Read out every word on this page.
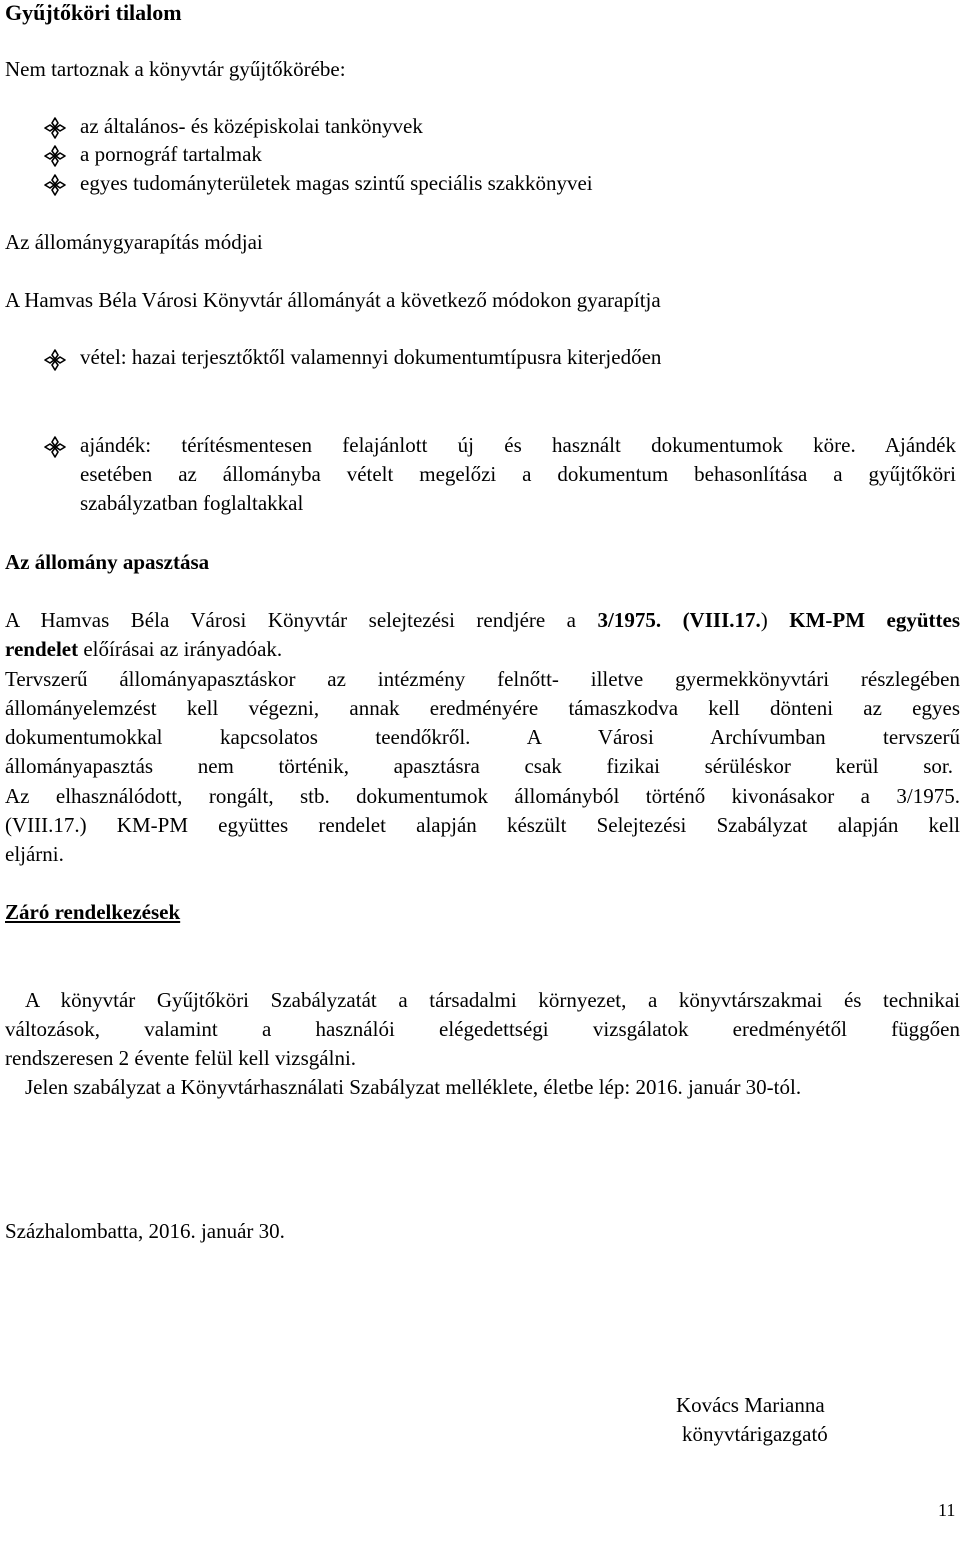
Gyűjtőköri tilalom
Nem tartoznak a könyvtár gyűjtőkörébe:
az általános- és középiskolai tankönyvek
a pornográf tartalmak
egyes tudományterületek magas szintű speciális szakkönyvei
Az állománygyarapítás módjai
A Hamvas Béla Városi Könyvtár állományát a következő módokon gyarapítja
vétel: hazai terjesztőktől valamennyi dokumentumtípusra kiterjedően
ajándék: térítésmentesen felajánlott új és használt dokumentumok köre. Ajándék
esetében az állományba vételt megelőzi a dokumentum behasonlítása a gyűjtőköri
szabályzatban foglaltakkal
Az állomány apasztása
A Hamvas Béla Városi Könyvtár selejtezési rendjére a 3/1975. (VIII.17.) KM-PM együttes
rendelet előírásai az irányadóak.
Tervszerű állományapasztáskor az intézmény felnőtt- illetve gyermekkönyvtári részlegében
állományelemzést kell végezni, annak eredményére támaszkodva kell dönteni az egyes
dokumentumokkal kapcsolatos teendőkről. A Városi Archívumban tervszerű
állományapasztás nem történik, apasztásra csak fizikai sérüléskor kerül sor.
Az elhasználódott, rongált, stb. dokumentumok állományból történő kivonásakor a 3/1975.
(VIII.17.) KM-PM együttes rendelet alapján készült Selejtezési Szabályzat alapján kell
eljárni.
Záró rendelkezések
A könyvtár Gyűjtőköri Szabályzatát a társadalmi környezet, a könyvtárszakmai és technikai
változások, valamint a használói elégedettségi vizsgálatok eredményétől függően
rendszeresen 2 évente felül kell vizsgálni.
Jelen szabályzat a Könyvtárhasználati Szabályzat melléklete, életbe lép: 2016. január 30-tól.
Százhalombatta, 2016. január 30.
Kovács Marianna
könyvtárigazgató
11
